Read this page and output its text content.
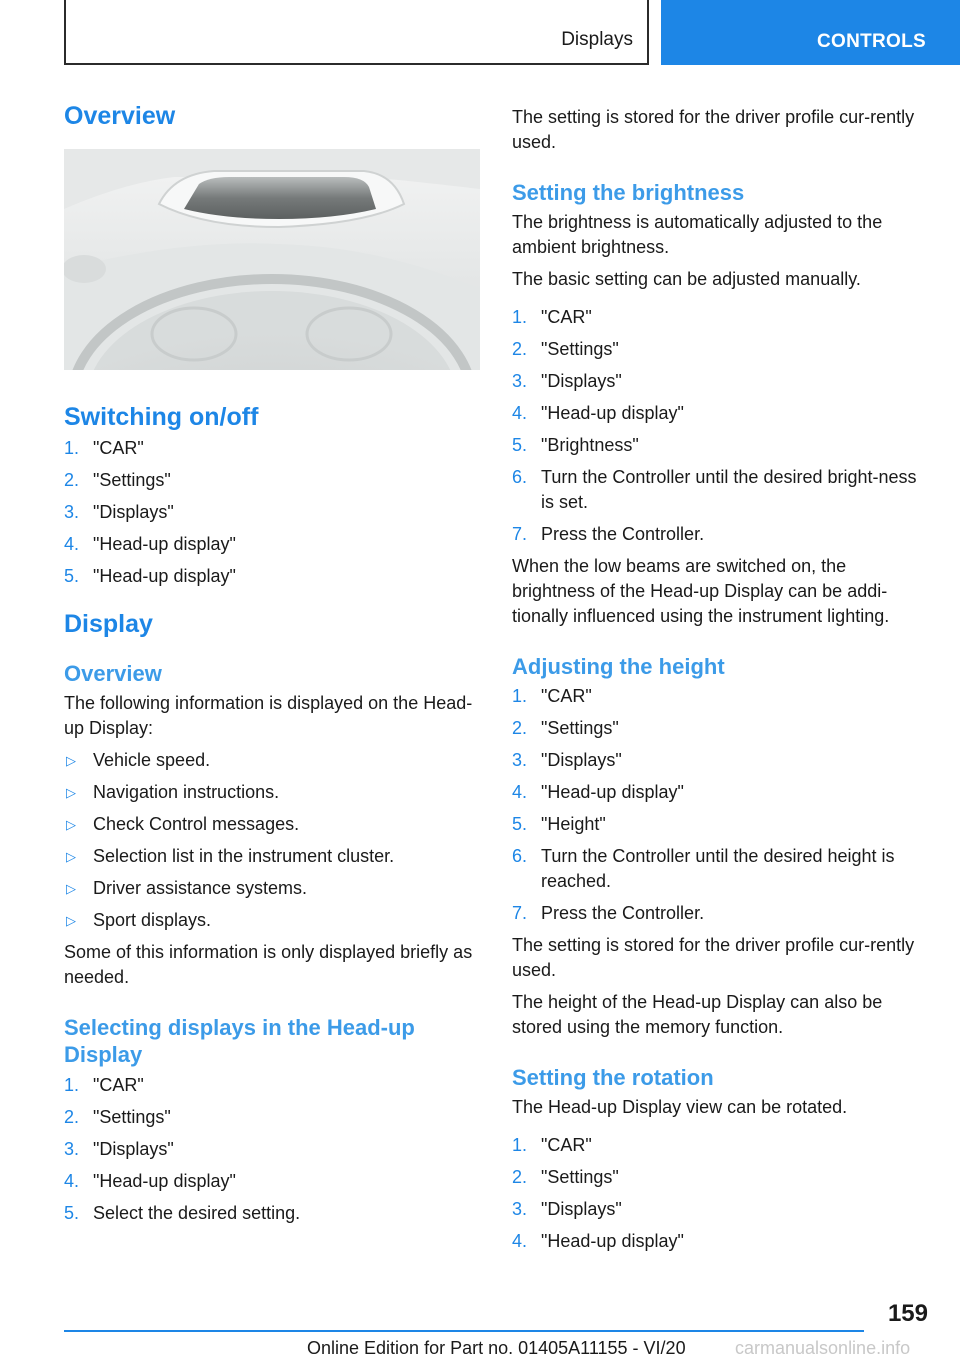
Displays	CONTROLS
Overview
Switching on/off
1. "CAR"
2. "Settings"
3. "Displays"
4. "Head-up display"
5. "Head-up display"
Display
Overview

The following information is displayed on the Head-up Display:

▷ Vehicle speed.
▷ Navigation instructions.
▷ Check Control messages.
▷ Selection list in the instrument cluster.
▷ Driver assistance systems.
▷ Sport displays.

Some of this information is only displayed briefly as needed.

Selecting displays in the Head-up Display
1. "CAR"
2. "Settings"
3. "Displays"
4. "Head-up display"
5. Select the desired setting.

The setting is stored for the driver profile cur‐rently used.

Setting the brightness

The brightness is automatically adjusted to the ambient brightness.

The basic setting can be adjusted manually.

1. "CAR"
2. "Settings"
3. "Displays"
4. "Head-up display"
5. "Brightness"
6. Turn the Controller until the desired bright‐ness is set.
7. Press the Controller.

When the low beams are switched on, the brightness of the Head-up Display can be addi‐tionally influenced using the instrument lighting.

Adjusting the height
1. "CAR"
2. "Settings"
3. "Displays"
4. "Head-up display"
5. "Height"
6. Turn the Controller until the desired height is reached.
7. Press the Controller.

The setting is stored for the driver profile cur‐rently used.

The height of the Head-up Display can also be stored using the memory function.

Setting the rotation

The Head-up Display view can be rotated.

1. "CAR"
2. "Settings"
3. "Displays"
4. "Head-up display"
159
Online Edition for Part no. 01405A11155 - VI/20	carmanualsonline.info
